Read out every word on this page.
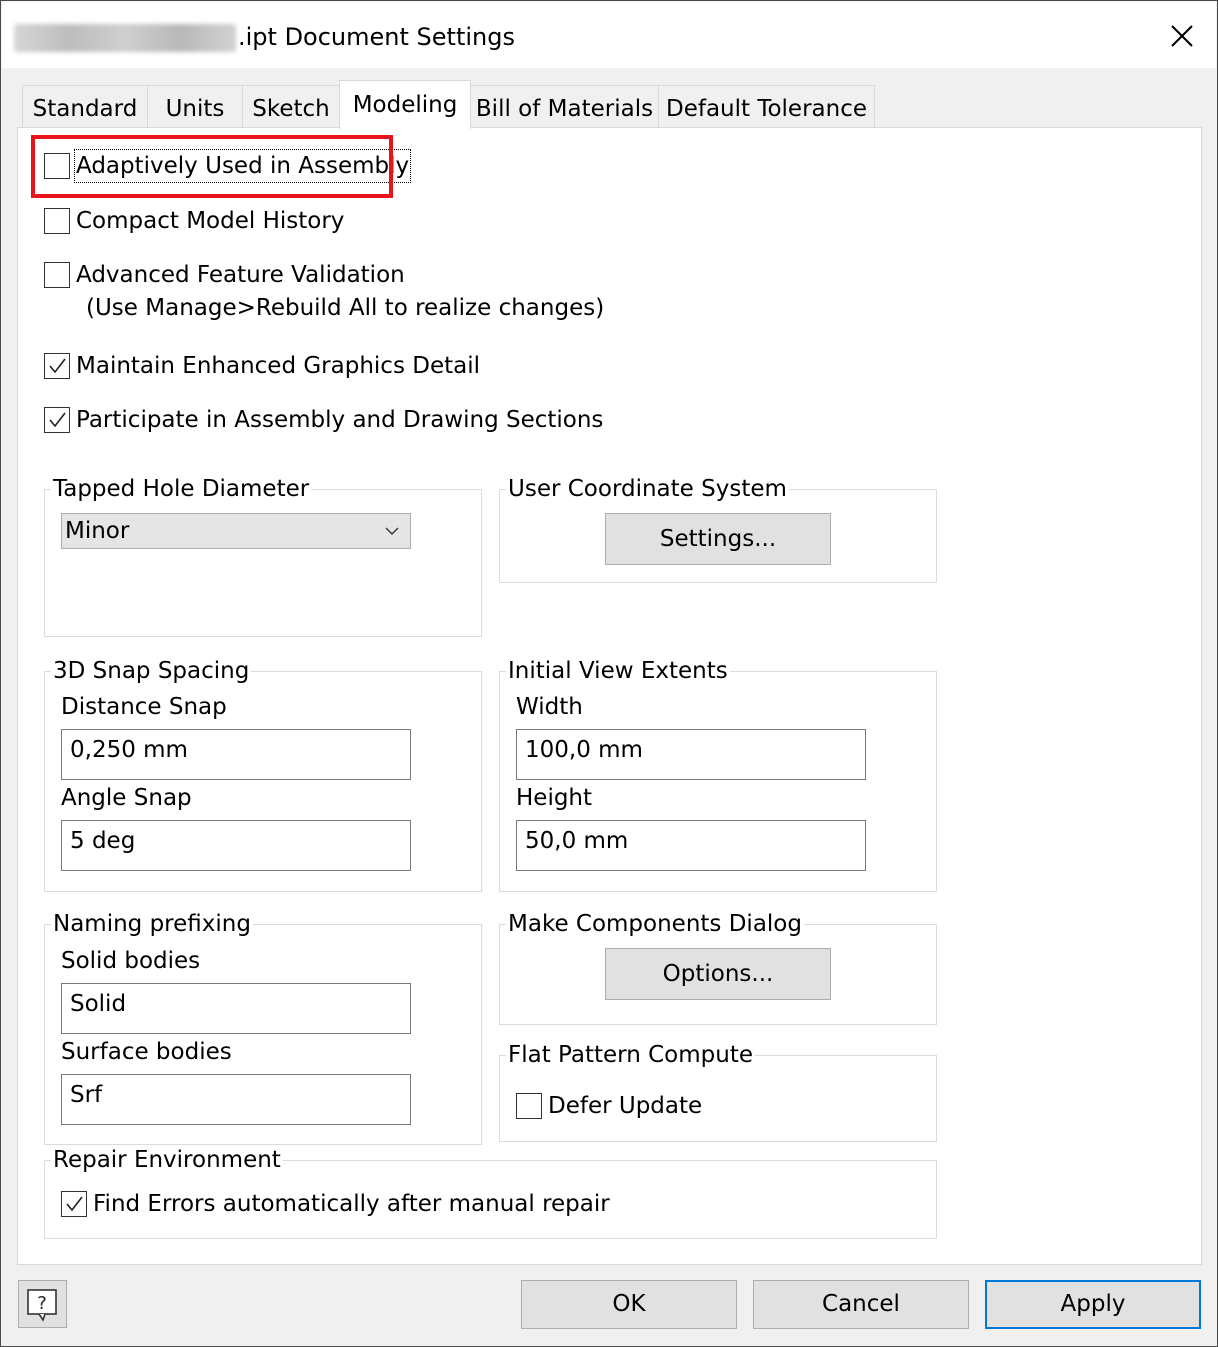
.ipt Document Settings
Standard	Units	Sketch Modeling Bill of Materials Default Tolerance
Adaptively Used in Assembly
Compact Model History
Advanced Feature Validation
(Use Manage>Rebuild All to realize changes)
Maintain Enhanced Graphics Detail
Participate in Assembly and Drawing Sections
Tapped Hole Diameter
Minor
User Coordinate System
Settings...
3D Snap Spacing
Distance Snap
0,250 mm
Angle Snap
5 deg
Initial View Extents
Width
100,0 mm
Height
50,0 mm
Naming prefixing
Solid bodies
Solid
Surface bodies
Srf
Make Components Dialog
Options...
Flat Pattern Compute
Defer Update
Repair Environment
Find Errors automatically after manual repair
?	OK	Cancel	Apply
